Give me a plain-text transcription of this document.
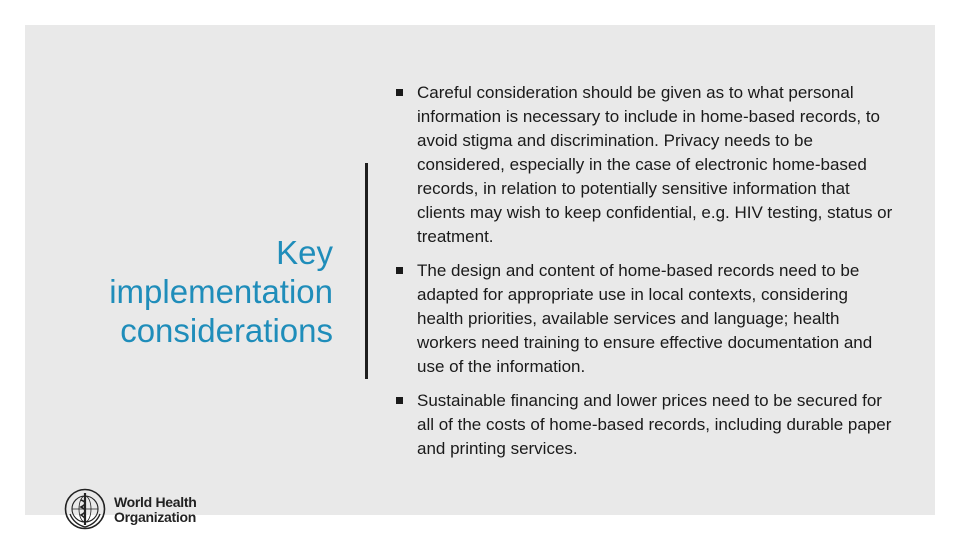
Key
implementation
considerations
Careful consideration should be given as to what personal information is necessary to include in home-based records, to avoid stigma and discrimination. Privacy needs to be considered, especially in the case of electronic home-based records, in relation to potentially sensitive information that clients may wish to keep confidential, e.g. HIV testing, status or treatment.
The design and content of home-based records need to be adapted for appropriate use in local contexts, considering health priorities, available services and language; health workers need training to ensure effective documentation and use of the information.
Sustainable financing and lower prices need to be secured for all of the costs of home-based records, including durable paper and printing services.
World Health
Organization
